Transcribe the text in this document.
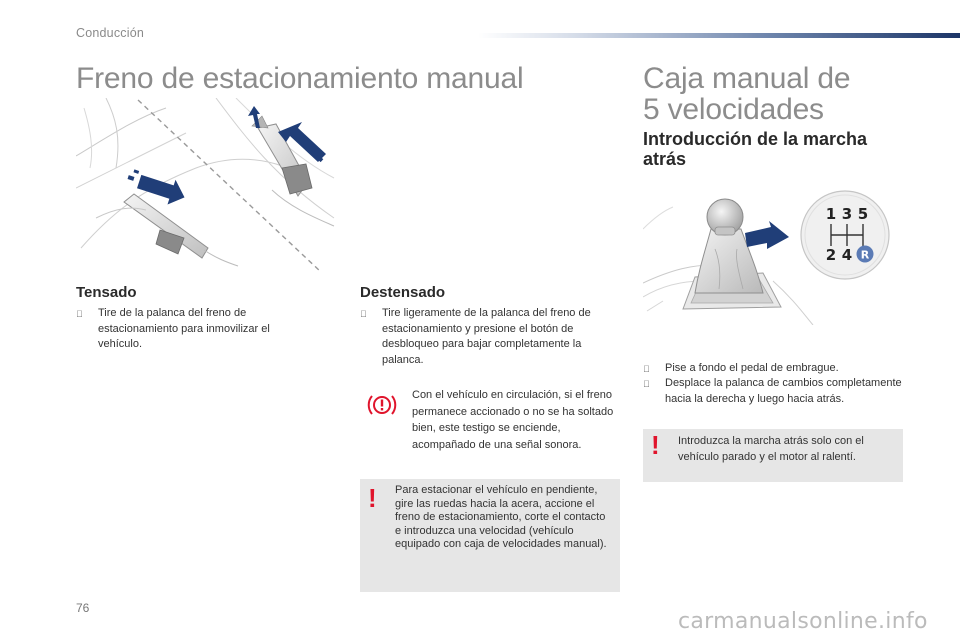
Conducción
Freno de estacionamiento manual
Tensado
Tire de la palanca del freno de estacionamiento para inmovilizar el vehículo.
Destensado
Tire ligeramente de la palanca del freno de estacionamiento y presione el botón de desbloqueo para bajar completamente la palanca.
Con el vehículo en circulación, si el freno permanece accionado o no se ha soltado bien, este testigo se enciende, acompañado de una señal sonora.
! Para estacionar el vehículo en pendiente, gire las ruedas hacia la acera, accione el freno de estacionamiento, corte el contacto e introduzca una velocidad (vehículo equipado con caja de velocidades manual).
Caja manual de
5 velocidades
Introducción de la marcha
atrás
1 3 5
2 4 R
Pise a fondo el pedal de embrague.
Desplace la palanca de cambios completamente hacia la derecha y luego hacia atrás.
! Introduzca la marcha atrás solo con el vehículo parado y el motor al ralentí.
76
carmanualsonline.info
